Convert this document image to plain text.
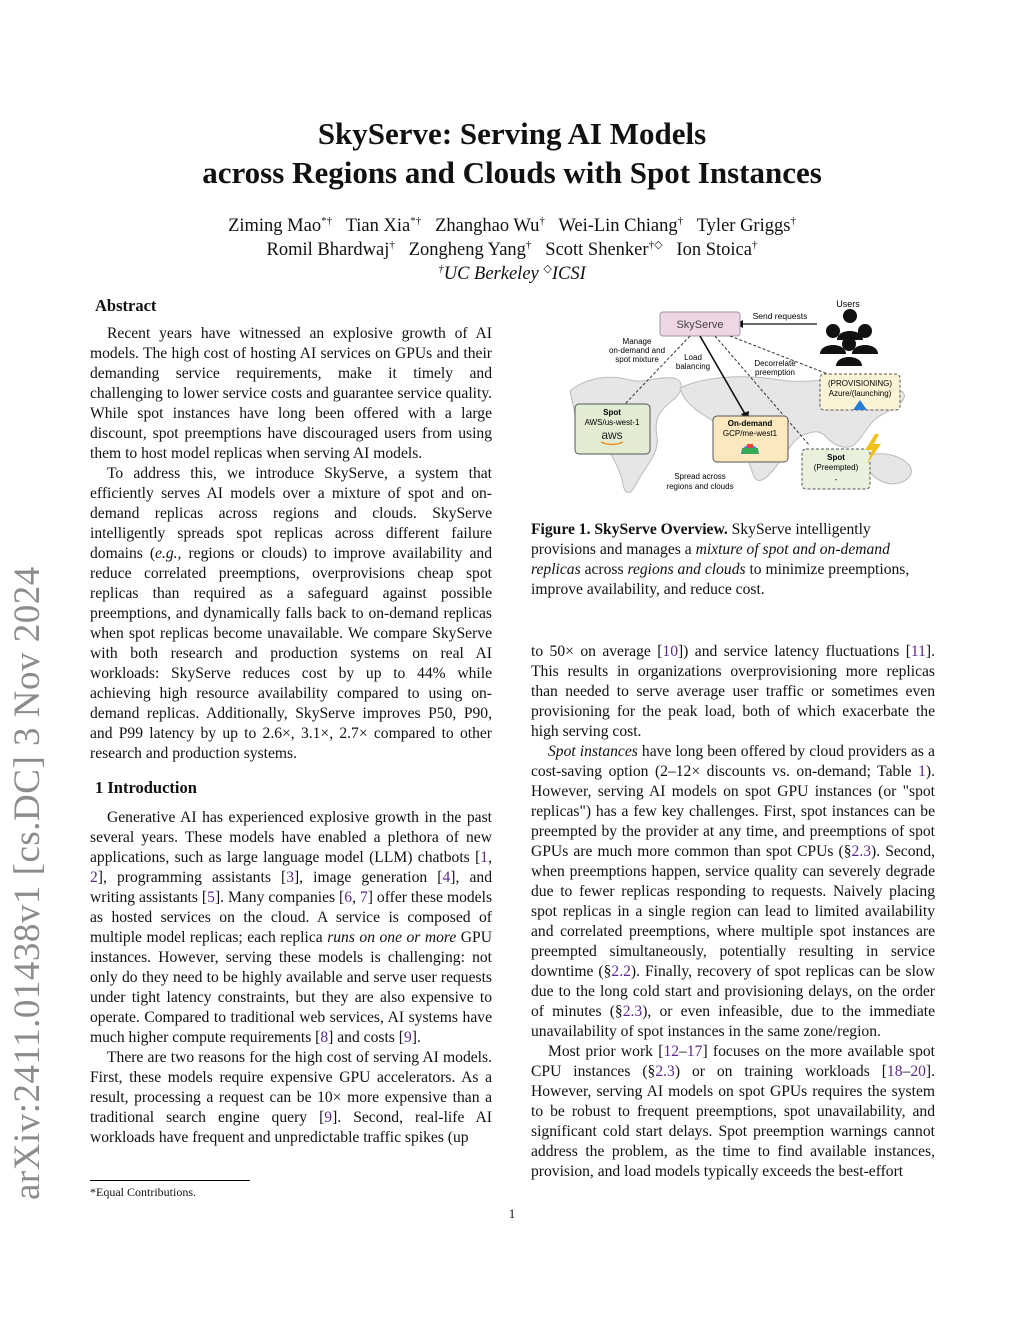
arXiv:2411.01438v1 [cs.DC] 3 Nov 2024
SkyServe: Serving AI Models
across Regions and Clouds with Spot Instances
Ziming Mao*† Tian Xia*† Zhanghao Wu† Wei-Lin Chiang† Tyler Griggs†
Romil Bhardwaj† Zongheng Yang† Scott Shenker†◇ Ion Stoica†
†UC Berkeley ◇ICSI
Abstract

Recent years have witnessed an explosive growth of AI models. The high cost of hosting AI services on GPUs and their demanding service requirements, make it timely and challenging to lower service costs and guarantee service quality. While spot instances have long been offered with a large discount, spot preemptions have discouraged users from using them to host model replicas when serving AI models.

To address this, we introduce SkyServe, a system that efficiently serves AI models over a mixture of spot and on-demand replicas across regions and clouds. SkyServe intelligently spreads spot replicas across different failure domains (e.g., regions or clouds) to improve availability and reduce correlated preemptions, overprovisions cheap spot replicas than required as a safeguard against possible preemptions, and dynamically falls back to on-demand replicas when spot replicas become unavailable. We compare SkyServe with both research and production systems on real AI workloads: SkyServe reduces cost by up to 44% while achieving high resource availability compared to using on-demand replicas. Additionally, SkyServe improves P50, P90, and P99 latency by up to 2.6×, 3.1×, 2.7× compared to other research and production systems.

1 Introduction

Generative AI has experienced explosive growth in the past several years. These models have enabled a plethora of new applications, such as large language model (LLM) chatbots [1, 2], programming assistants [3], image generation [4], and writing assistants [5]. Many companies [6, 7] offer these models as hosted services on the cloud. A service is composed of multiple model replicas; each replica runs on one or more GPU instances. However, serving these models is challenging: not only do they need to be highly available and serve user requests under tight latency constraints, but they are also expensive to operate. Compared to traditional web services, AI systems have much higher compute requirements [8] and costs [9].

There are two reasons for the high cost of serving AI models. First, these models require expensive GPU accelerators. As a result, processing a request can be 10× more expensive than a traditional search engine query [9]. Second, real-life AI workloads have frequent and unpredictable traffic spikes (up

*Equal Contributions.
Users
Send requests
SkyServe
Manage on-demand and spot mixture	Load balancing	Decorrelate preemption
(PROVISIONING)
Azure/(launching)
Spot
AWS/us-west-1
aws
On-demand
GCP/me-west1
Spot
(Preempted)
-
Spread across regions and clouds
Figure 1. SkyServe Overview. SkyServe intelligently provisions and manages a mixture of spot and on-demand replicas across regions and clouds to minimize preemptions, improve availability, and reduce cost.

to 50× on average [10]) and service latency fluctuations [11]. This results in organizations overprovisioning more replicas than needed to serve average user traffic or sometimes even provisioning for the peak load, both of which exacerbate the high serving cost.

Spot instances have long been offered by cloud providers as a cost-saving option (2–12× discounts vs. on-demand; Table 1). However, serving AI models on spot GPU instances (or "spot replicas") has a few key challenges. First, spot instances can be preempted by the provider at any time, and preemptions of spot GPUs are much more common than spot CPUs (§2.3). Second, when preemptions happen, service quality can severely degrade due to fewer replicas responding to requests. Naively placing spot replicas in a single region can lead to limited availability and correlated preemptions, where multiple spot instances are preempted simultaneously, potentially resulting in service downtime (§2.2). Finally, recovery of spot replicas can be slow due to the long cold start and provisioning delays, on the order of minutes (§2.3), or even infeasible, due to the immediate unavailability of spot instances in the same zone/region.

Most prior work [12–17] focuses on the more available spot CPU instances (§2.3) or on training workloads [18–20]. However, serving AI models on spot GPUs requires the system to be robust to frequent preemptions, spot unavailability, and significant cold start delays. Spot preemption warnings cannot address the problem, as the time to find available instances, provision, and load models typically exceeds the best-effort

1
